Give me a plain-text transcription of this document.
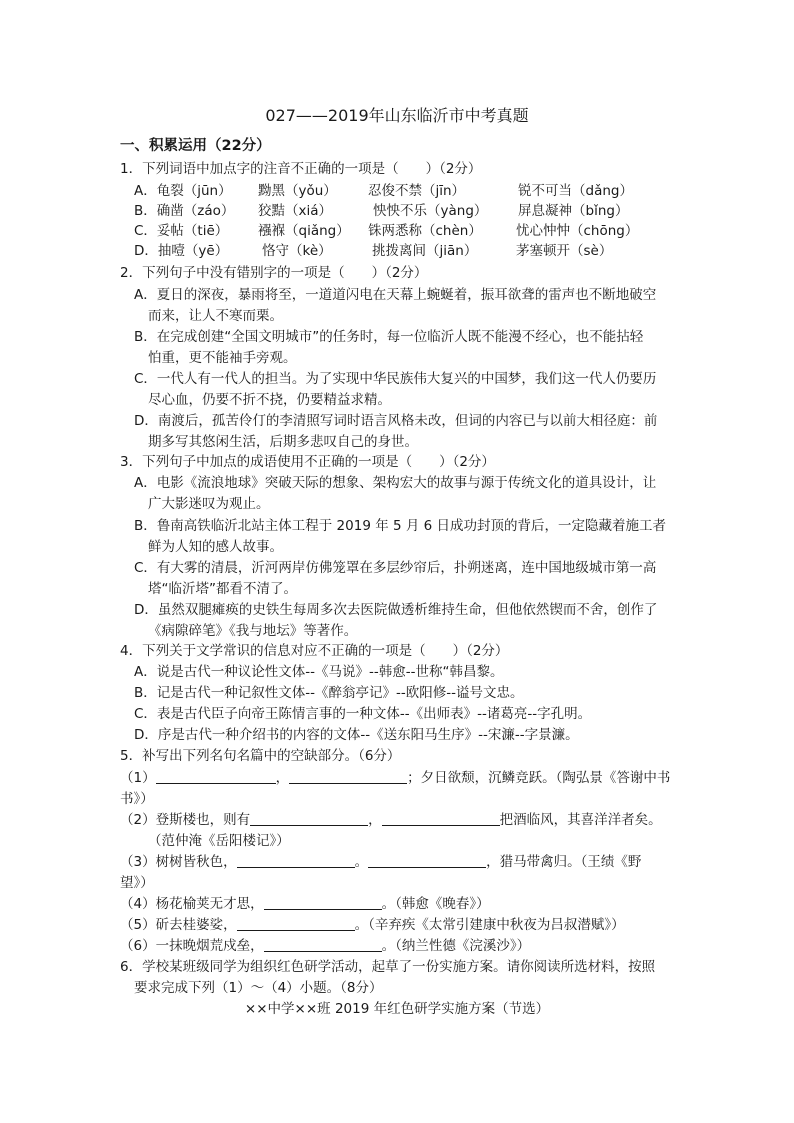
027——2019年山东临沂市中考真题
一、积累运用（22分）
1．下列词语中加点字的注音不正确的一项是（　　）（2分）
A．龟裂（jūn） 黝黑（yǒu） 忍俊不禁（jīn）	锐不可当（dǎng）
B．确凿（záo） 狡黠（xiá）	怏怏不乐（yàng） 屏息凝神（bǐng）
C．妥帖（tiē） 襁褓（qiǎng） 铢两悉称（chèn）	忧心忡忡（chōng）
D．抽噎（yē）	恪守（kè）	挑拨离间（jiān）	茅塞顿开（sè）
2．下列句子中没有错别字的一项是（　　）（2分）
A．夏日的深夜，暴雨将至，一道道闪电在天幕上蜿蜒着，振耳欲聋的雷声也不断地破空
而来，让人不寒而栗。
B．在完成创建“全国文明城市”的任务时，每一位临沂人既不能漫不经心，也不能拈轻
怕重，更不能袖手旁观。
C．一代人有一代人的担当。为了实现中华民族伟大复兴的中国梦，我们这一代人仍要历
尽心血，仍要不折不挠，仍要精益求精。
D．南渡后，孤苦伶仃的李清照写词时语言风格未改，但词的内容已与以前大相径庭：前
期多写其悠闲生活，后期多悲叹自己的身世。
3．下列句子中加点的成语使用不正确的一项是（　　）（2分）
A．电影《流浪地球》突破天际的想象、架构宏大的故事与源于传统文化的道具设计，让
广大影迷叹为观止。
B．鲁南高铁临沂北站主体工程于 2019 年 5 月 6 日成功封顶的背后，一定隐藏着施工者
鲜为人知的感人故事。
C．有大雾的清晨，沂河两岸仿佛笼罩在多层纱帘后，扑朔迷离，连中国地级城市第一高
塔“临沂塔”都看不清了。
D．虽然双腿瘫痪的史铁生每周多次去医院做透析维持生命，但他依然锲而不舍，创作了
《病隙碎笔》《我与地坛》等著作。
4．下列关于文学常识的信息对应不正确的一项是（　　）（2分）
A．说是古代一种议论性文体--《马说》--韩愈--世称“韩昌黎。
B．记是古代一种记叙性文体--《醉翁亭记》--欧阳修--谥号文忠。
C．表是古代臣子向帝王陈情言事的一种文体--《出师表》--诸葛亮--字孔明。
D．序是古代一种介绍书的内容的文体--《送东阳马生序》--宋濂--字景濂。
5．补写出下列名句名篇中的空缺部分。（6分）
（1）	，	；夕日欲颓，沉鳞竞跃。（陶弘景《答谢中书
书》）
（2）登斯楼也，则有	，	把酒临风，其喜洋洋者矣。
（范仲淹《岳阳楼记》）
（3）树树皆秋色，	。	，猎马带禽归。（王绩《野
望》）
（4）杨花榆荚无才思，	。（韩愈《晚春》）
（5）斫去桂婆娑，	。（辛弃疾《太常引建康中秋夜为吕叔潜赋》）
（6）一抹晚烟荒戍垒，	。（纳兰性德《浣溪沙》）
6．学校某班级同学为组织红色研学活动，起草了一份实施方案。请你阅读所选材料，按照
要求完成下列（1）～（4）小题。（8分）
××中学××班 2019 年红色研学实施方案（节选）
